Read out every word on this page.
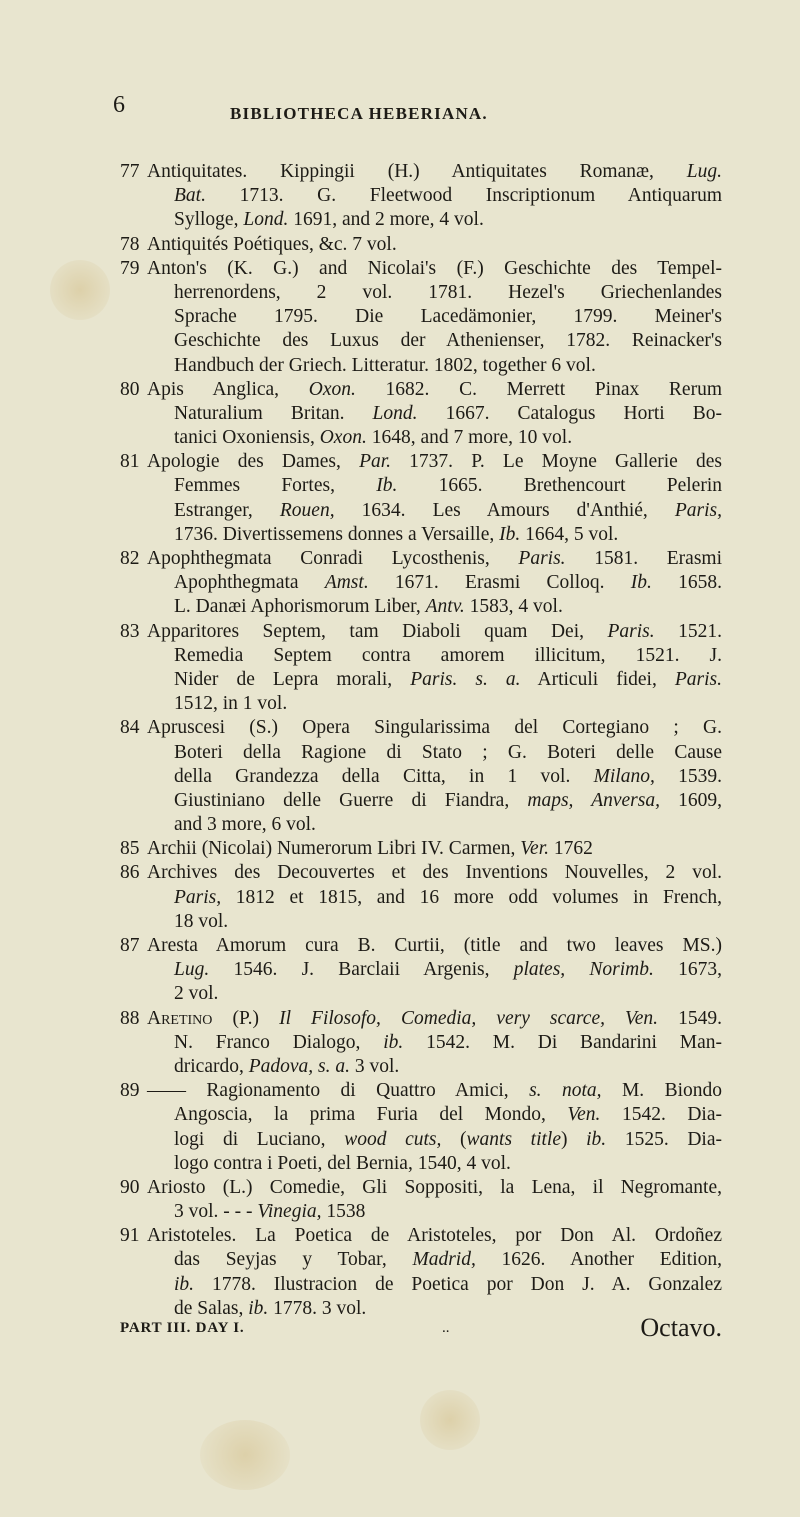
6	BIBLIOTHECA HEBERIANA.
77 Antiquitates. Kippingii (H.) Antiquitates Romanæ, Lug.
Bat. 1713. G. Fleetwood Inscriptionum Antiquarum
Sylloge, Lond. 1691, and 2 more, 4 vol.
78 Antiquités Poétiques, &c. 7 vol.
79 Anton's (K. G.) and Nicolai's (F.) Geschichte des Tempel-
herrenordens, 2 vol. 1781. Hezel's Griechenlandes
Sprache 1795. Die Lacedämonier, 1799. Meiner's
Geschichte des Luxus der Athenienser, 1782. Reinacker's
Handbuch der Griech. Litteratur. 1802, together 6 vol.
80 Apis Anglica, Oxon. 1682. C. Merrett Pinax Rerum
Naturalium Britan. Lond. 1667. Catalogus Horti Bo-
tanici Oxoniensis, Oxon. 1648, and 7 more, 10 vol.
81 Apologie des Dames, Par. 1737. P. Le Moyne Gallerie des
Femmes Fortes, Ib. 1665. Brethencourt Pelerin
Estranger, Rouen, 1634. Les Amours d'Anthié, Paris,
1736. Divertissemens donnes a Versaille, Ib. 1664, 5 vol.
82 Apophthegmata Conradi Lycosthenis, Paris. 1581. Erasmi
Apophthegmata Amst. 1671. Erasmi Colloq. Ib. 1658.
L. Danæi Aphorismorum Liber, Antv. 1583, 4 vol.
83 Apparitores Septem, tam Diaboli quam Dei, Paris. 1521.
Remedia Septem contra amorem illicitum, 1521. J.
Nider de Lepra morali, Paris. s. a. Articuli fidei, Paris.
1512, in 1 vol.
84 Apruscesi (S.) Opera Singularissima del Cortegiano ; G.
Boteri della Ragione di Stato ; G. Boteri delle Cause
della Grandezza della Citta, in 1 vol. Milano, 1539.
Giustiniano delle Guerre di Fiandra, maps, Anversa, 1609,
and 3 more, 6 vol.
85 Archii (Nicolai) Numerorum Libri IV. Carmen, Ver. 1762
86 Archives des Decouvertes et des Inventions Nouvelles, 2 vol.
Paris, 1812 et 1815, and 16 more odd volumes in French,
18 vol.
87 Aresta Amorum cura B. Curtii, (title and two leaves MS.)
Lug. 1546. J. Barclaii Argenis, plates, Norimb. 1673,
2 vol.
88 Aretino (P.) Il Filosofo, Comedia, very scarce, Ven. 1549.
N. Franco Dialogo, ib. 1542. M. Di Bandarini Man-
dricardo, Padova, s. a. 3 vol.
89 —— Ragionamento di Quattro Amici, s. nota, M. Biondo
Angoscia, la prima Furia del Mondo, Ven. 1542. Dia-
logi di Luciano, wood cuts, (wants title) ib. 1525. Dia-
logo contra i Poeti, del Bernia, 1540, 4 vol.
90 Ariosto (L.) Comedie, Gli Soppositi, la Lena, il Negromante,
3 vol. - - - Vinegia, 1538
91 Aristoteles. La Poetica de Aristoteles, por Don Al. Ordoñez
das Seyjas y Tobar, Madrid, 1626. Another Edition,
ib. 1778. Ilustracion de Poetica por Don J. A. Gonzalez
de Salas, ib. 1778. 3 vol.
PART III. DAY I.	..	Octavo.
